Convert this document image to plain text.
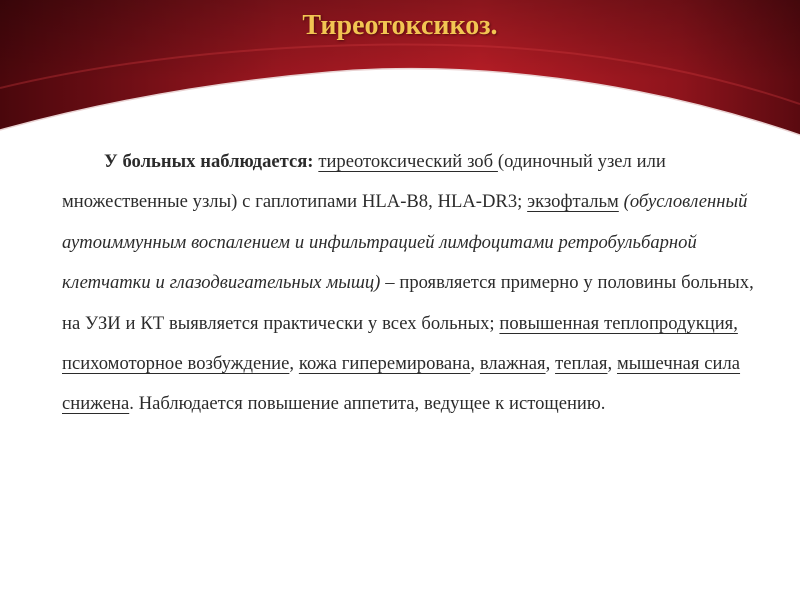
Тиреотоксикоз.

У больных наблюдается: тиреотоксический зоб (одиночный узел или множественные узлы) с гаплотипами HLA-B8, HLA-DR3; экзофтальм (обусловленный аутоиммунным воспалением и инфильтрацией лимфоцитами ретробульбарной клетчатки и глазодвигательных мышц) – проявляется примерно у половины больных, на УЗИ и КТ выявляется практически у всех больных; повышенная теплопродукция, психомоторное возбуждение, кожа гиперемирована, влажная, теплая, мышечная сила снижена. Наблюдается повышение аппетита, ведущее к истощению.
